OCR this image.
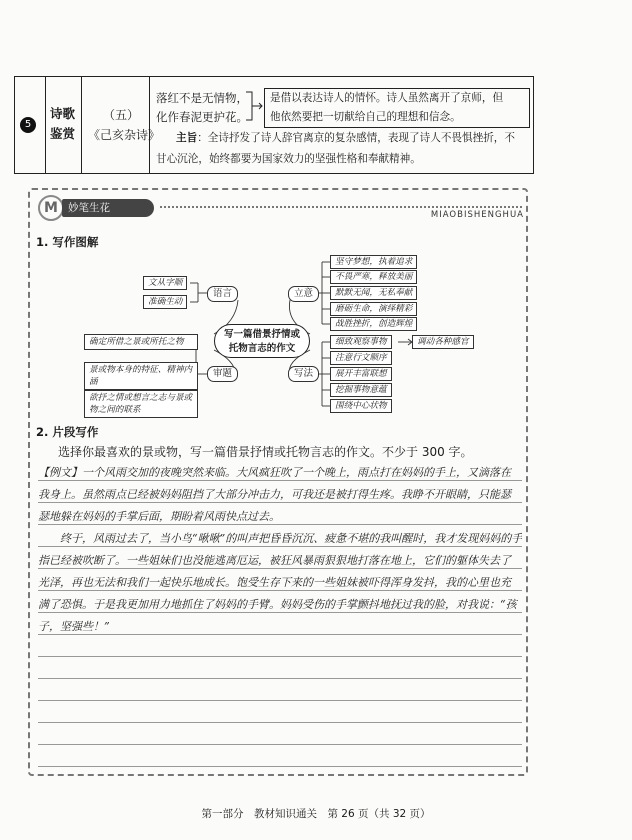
5
诗歌
鉴赏
（五）
《己亥杂诗》
落红不是无情物，
化作春泥更护花。
是借以表达诗人的情怀。诗人虽然离开了京师，但
他依然要把一切献给自己的理想和信念。
主旨：全诗抒发了诗人辞官离京的复杂感情，表现了诗人不畏惧挫折，不
甘心沉沦，始终都要为国家效力的坚强性格和奉献精神。
M 妙笔生花
MIAOBISHENGHUA
1. 写作图解
写一篇借景抒情或
托物言志的作文
语言
文从字顺
准确生动
审题
确定所借之景或所托之物
景或物本身的特征、精神内涵
欲抒之情或想言之志与景或物之间的联系
立意
坚守梦想，执着追求
不畏严寒，释放美丽
默默无闻，无私奉献
磨砺生命，演绎精彩
战胜挫折，创造辉煌
写法
细致观察事物
注意行文顺序
展开丰富联想
挖掘事物意蕴
围绕中心状物
调动各种感官
2. 片段写作
选择你最喜欢的景或物，写一篇借景抒情或托物言志的作文。不少于 300 字。
【例文】一个风雨交加的夜晚突然来临。大风疯狂吹了一个晚上，雨点打在妈妈的手上，又滴落在
我身上。虽然雨点已经被妈妈阻挡了大部分冲击力，可我还是被打得生疼。我睁不开眼睛，只能瑟
瑟地躲在妈妈的手掌后面，期盼着风雨快点过去。
终于，风雨过去了，当小鸟“啾啾”的叫声把昏昏沉沉、疲惫不堪的我叫醒时，我才发现妈妈的手
指已经被吹断了。一些姐妹们也没能逃离厄运，被狂风暴雨狠狠地打落在地上，它们的躯体失去了
光泽，再也无法和我们一起快乐地成长。饱受生存下来的一些姐妹被吓得浑身发抖，我的心里也充
满了恐惧。于是我更加用力地抓住了妈妈的手臂。妈妈受伤的手掌颤抖地抚过我的脸，对我说：“孩
子，坚强些！”
第一部分　教材知识通关　第 26 页（共 32 页）
